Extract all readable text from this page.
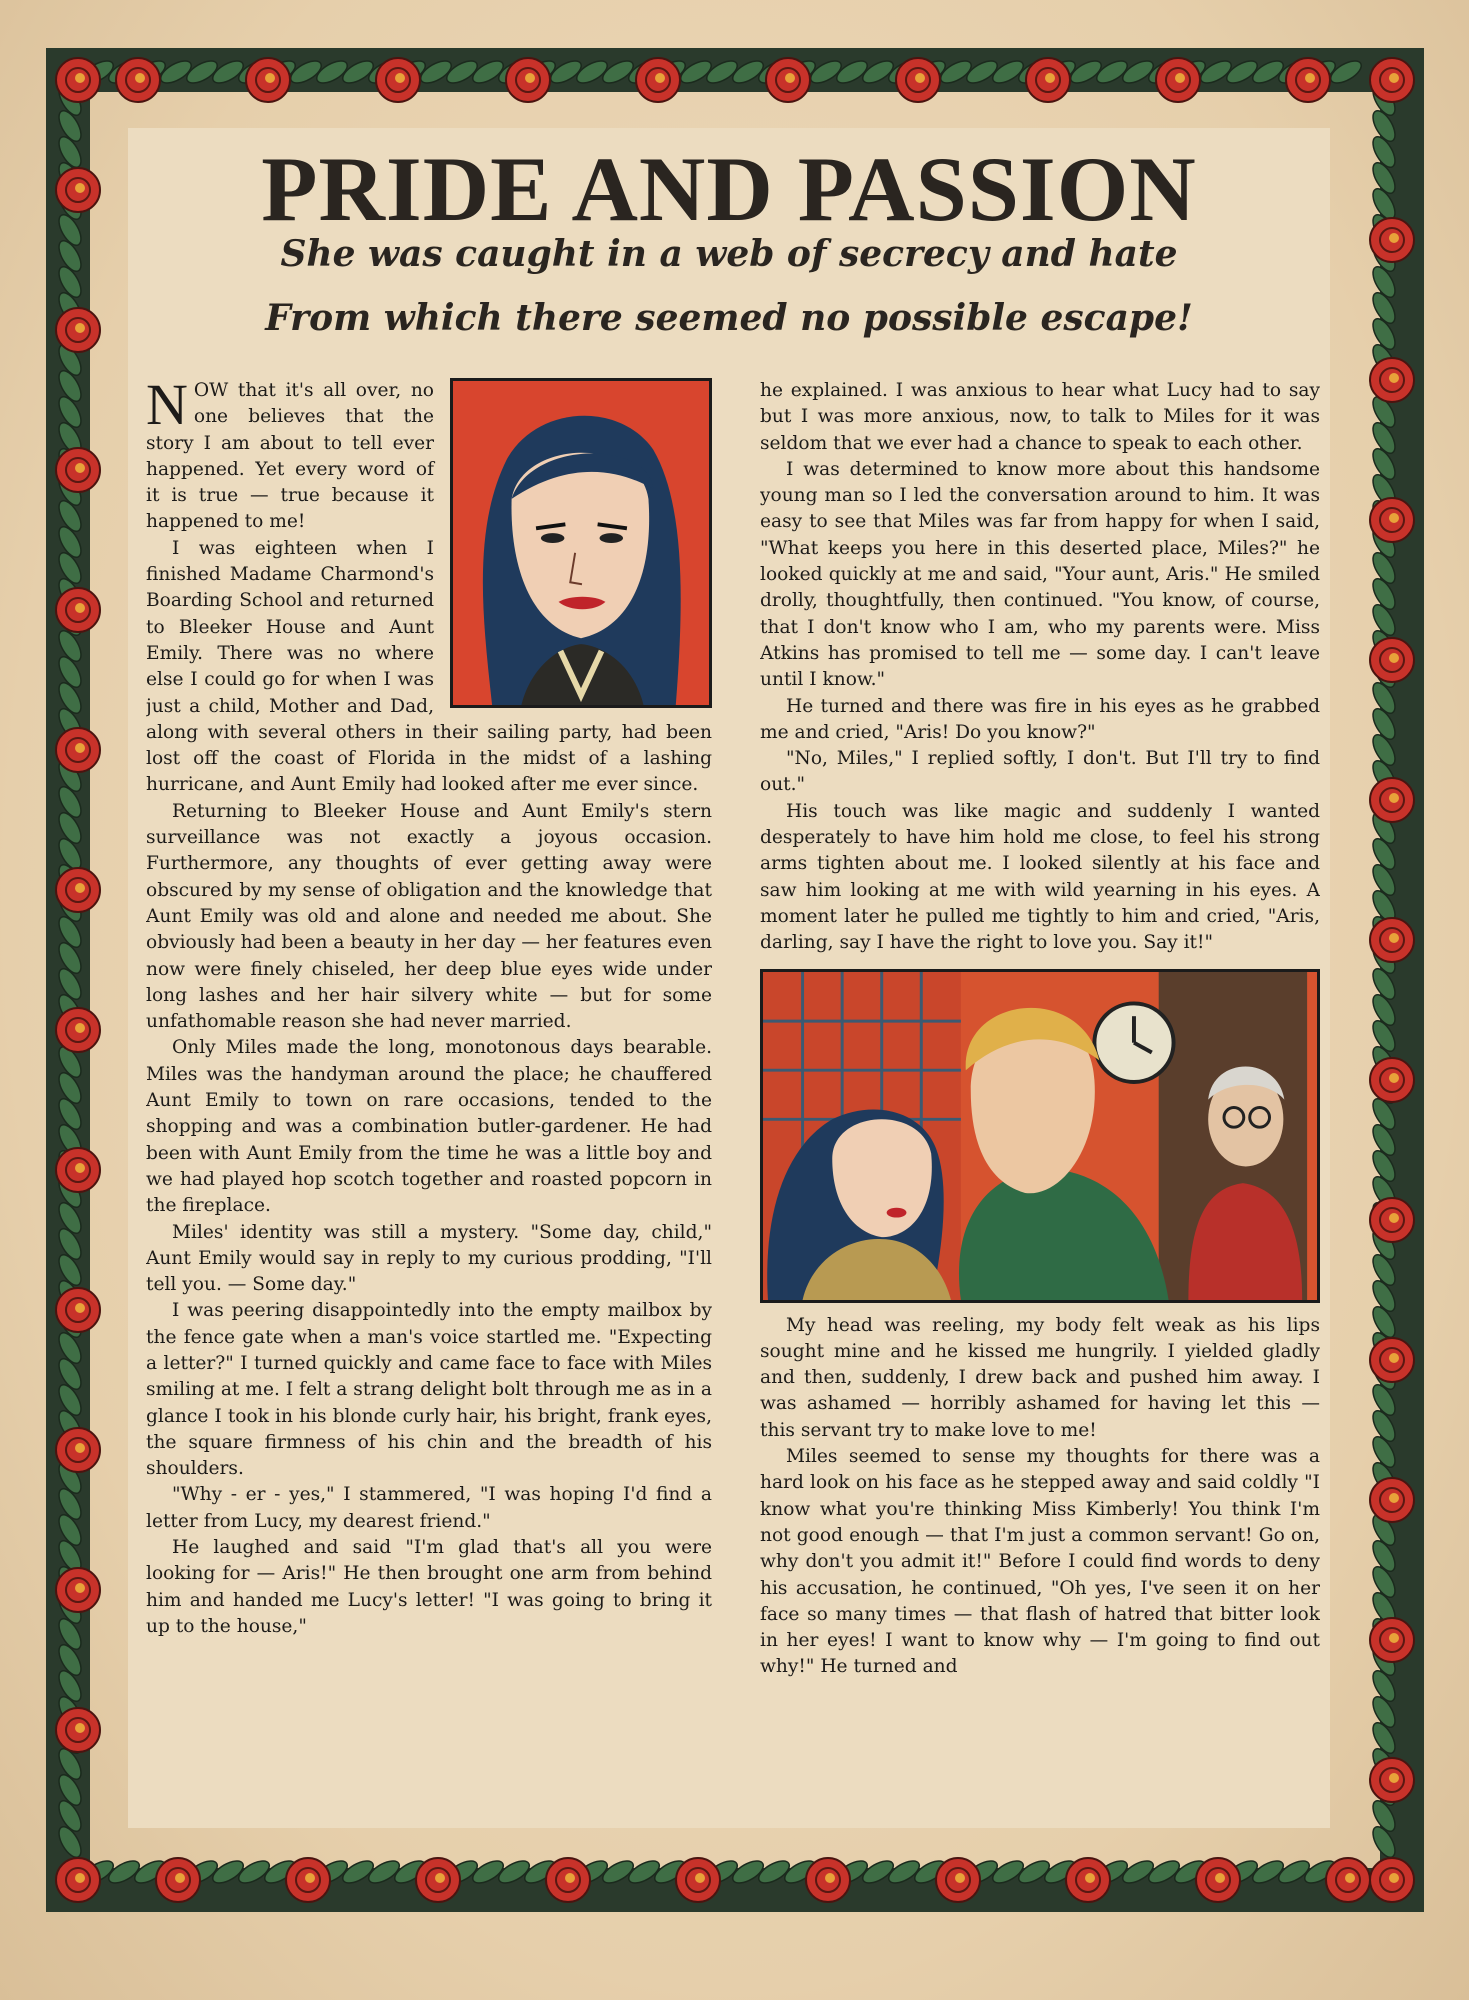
PRIDE AND PASSION
She was caught in a web of secrecy and hate
From which there seemed no possible escape!

NOW that it's all over, no one believes that the story I am about to tell ever happened. Yet every word of it is true — true because it happened to me!

I was eighteen when I finished Madame Charmond's Boarding School and returned to Bleeker House and Aunt Emily. There was no where else I could go for when I was just a child, Mother and Dad, along with several others in their sailing party, had been lost off the coast of Florida in the midst of a lashing hurricane, and Aunt Emily had looked after me ever since.

Returning to Bleeker House and Aunt Emily's stern surveillance was not exactly a joyous occasion. Furthermore, any thoughts of ever getting away were obscured by my sense of obligation and the knowledge that Aunt Emily was old and alone and needed me about. She obviously had been a beauty in her day — her features even now were finely chiseled, her deep blue eyes wide under long lashes and her hair silvery white — but for some unfathomable reason she had never married.

Only Miles made the long, monotonous days bearable. Miles was the handyman around the place; he chauffered Aunt Emily to town on rare occasions, tended to the shopping and was a combination butler-gardener. He had been with Aunt Emily from the time he was a little boy and we had played hop scotch together and roasted popcorn in the fireplace.

Miles' identity was still a mystery. "Some day, child," Aunt Emily would say in reply to my curious prodding, "I'll tell you. — Some day."

I was peering disappointedly into the empty mailbox by the fence gate when a man's voice startled me. "Expecting a letter?" I turned quickly and came face to face with Miles smiling at me. I felt a strang delight bolt through me as in a glance I took in his blonde curly hair, his bright, frank eyes, the square firmness of his chin and the breadth of his shoulders.

"Why - er - yes," I stammered, "I was hoping I'd find a letter from Lucy, my dearest friend."

He laughed and said "I'm glad that's all you were looking for — Aris!" He then brought one arm from behind him and handed me Lucy's letter! "I was going to bring it up to the house,"

he explained. I was anxious to hear what Lucy had to say but I was more anxious, now, to talk to Miles for it was seldom that we ever had a chance to speak to each other.

I was determined to know more about this handsome young man so I led the conversation around to him. It was easy to see that Miles was far from happy for when I said, "What keeps you here in this deserted place, Miles?" he looked quickly at me and said, "Your aunt, Aris." He smiled drolly, thoughtfully, then continued. "You know, of course, that I don't know who I am, who my parents were. Miss Atkins has promised to tell me — some day. I can't leave until I know."

He turned and there was fire in his eyes as he grabbed me and cried, "Aris! Do you know?"

"No, Miles," I replied softly, I don't. But I'll try to find out."

His touch was like magic and suddenly I wanted desperately to have him hold me close, to feel his strong arms tighten about me. I looked silently at his face and saw him looking at me with wild yearning in his eyes. A moment later he pulled me tightly to him and cried, "Aris, darling, say I have the right to love you. Say it!"

My head was reeling, my body felt weak as his lips sought mine and he kissed me hungrily. I yielded gladly and then, suddenly, I drew back and pushed him away. I was ashamed — horribly ashamed for having let this — this servant try to make love to me!

Miles seemed to sense my thoughts for there was a hard look on his face as he stepped away and said coldly "I know what you're thinking Miss Kimberly! You think I'm not good enough — that I'm just a common servant! Go on, why don't you admit it!" Before I could find words to deny his accusation, he continued, "Oh yes, I've seen it on her face so many times — that flash of hatred that bitter look in her eyes! I want to know why — I'm going to find out why!" He turned and
